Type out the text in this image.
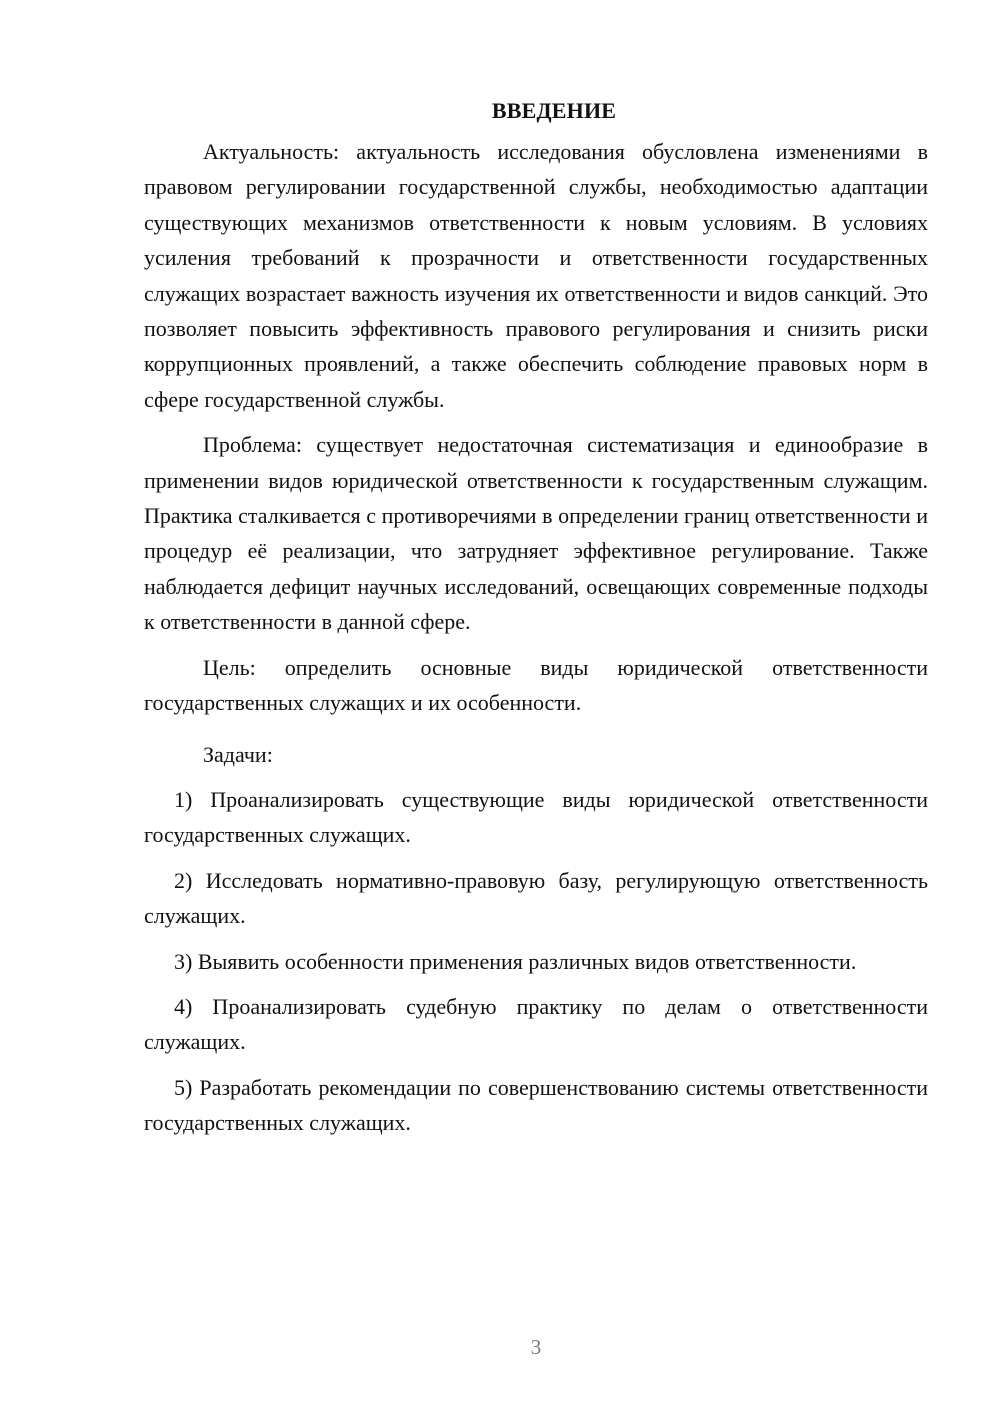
ВВЕДЕНИЕ

Актуальность: актуальность исследования обусловлена изменениями в правовом регулировании государственной службы, необходимостью адаптации существующих механизмов ответственности к новым условиям. В условиях усиления требований к прозрачности и ответственности государственных служащих возрастает важность изучения их ответственности и видов санкций. Это позволяет повысить эффективность правового регулирования и снизить риски коррупционных проявлений, а также обеспечить соблюдение правовых норм в сфере государственной службы.

Проблема: существует недостаточная систематизация и единообразие в применении видов юридической ответственности к государственным служащим. Практика сталкивается с противоречиями в определении границ ответственности и процедур её реализации, что затрудняет эффективное регулирование. Также наблюдается дефицит научных исследований, освещающих современные подходы к ответственности в данной сфере.

Цель: определить основные виды юридической ответственности государственных служащих и их особенности.

Задачи:

1) Проанализировать существующие виды юридической ответственности государственных служащих.

2) Исследовать нормативно-правовую базу, регулирующую ответственность служащих.

3) Выявить особенности применения различных видов ответственности.

4) Проанализировать судебную практику по делам о ответственности служащих.

5) Разработать рекомендации по совершенствованию системы ответственности государственных служащих.

3
